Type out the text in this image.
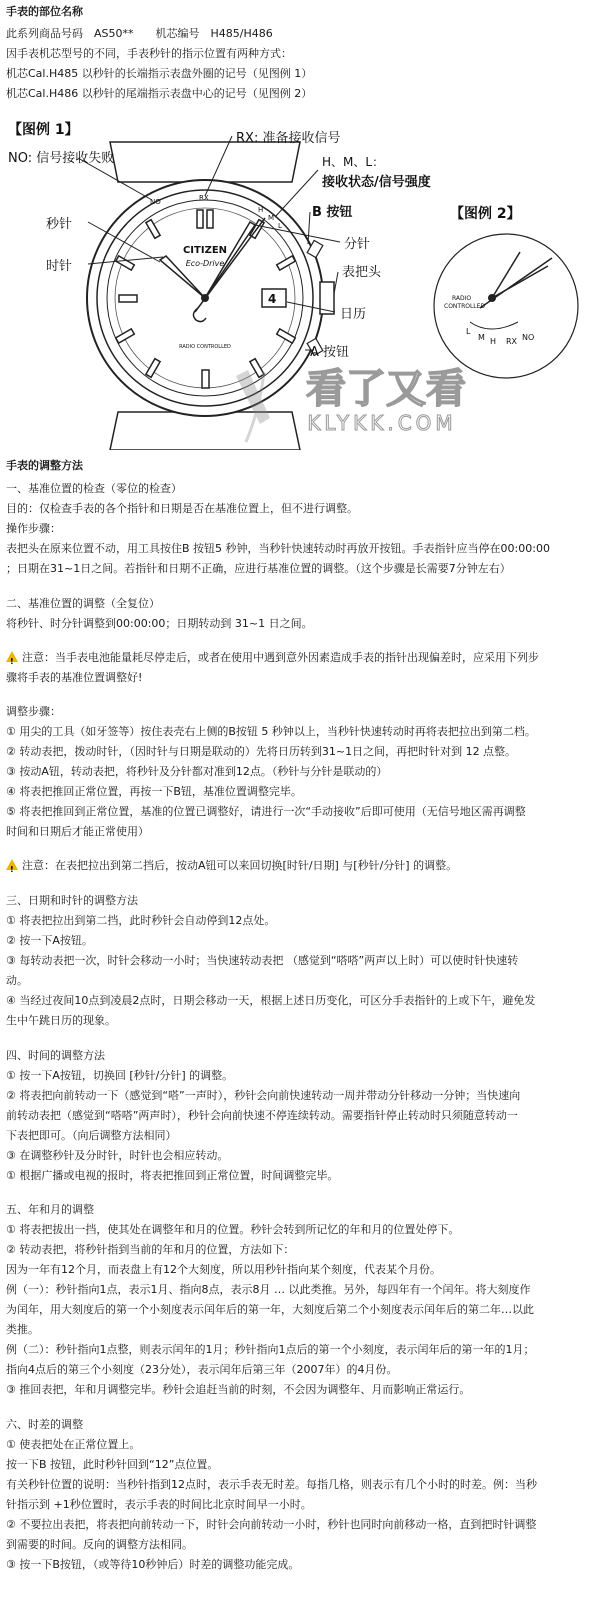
手表的部位名称
此系列商品号码　AS50**　　机芯编号　H485/H486
因手表机芯型号的不同，手表秒针的指示位置有两种方式：
机芯Cal.H485 以秒针的长端指示表盘外圈的记号（见图例 1）
机芯Cal.H486 以秒针的尾端指示表盘中心的记号（见图例 2）
【图例 1】
4
CITIZEN
Eco-Drive
RADIO CONTROLLED
NO	RX
H
M
L
RX: 准备接收信号
NO: 信号接收失败	H、M、L：
接收状态/信号强度
B 按钮
秒针
分针
时针	表把头
日历
A 按钮
【图例 2】
RADIO
CONTROLLED
L
M H RX NO
看了又看
KLYKK.COM
手表的调整方法
一、基准位置的检查（零位的检查）
目的：仅检查手表的各个指针和日期是否在基准位置上，但不进行调整。
操作步骤：
表把头在原来位置不动，用工具按住B 按钮5 秒钟，当秒针快速转动时再放开按钮。手表指针应当停在00:00:00
；日期在31~1日之间。若指针和日期不正确，应进行基准位置的调整。（这个步骤是长需要7分钟左右）
二、基准位置的调整（全复位）
将秒针、时分针调整到00:00:00；日期转动到 31~1 日之间。
!注意：当手表电池能量耗尽停走后，或者在使用中遇到意外因素造成手表的指针出现偏差时，应采用下列步
骤将手表的基准位置调整好!
调整步骤：
① 用尖的工具（如牙签等）按住表壳右上侧的B按钮 5 秒钟以上，当秒针快速转动时再将表把拉出到第二档。
② 转动表把，拨动时针，（因时针与日期是联动的）先将日历转到31~1日之间，再把时针对到 12 点整。
③ 按动A钮，转动表把，将秒针及分针都对准到12点。（秒针与分针是联动的）
④ 将表把推回正常位置，再按一下B钮，基准位置调整完毕。
⑤ 将表把推回到正常位置，基准的位置已调整好，请进行一次“手动接收”后即可使用（无信号地区需再调整
时间和日期后才能正常使用）
!注意：在表把拉出到第二挡后，按动A钮可以来回切换[时针/日期] 与[秒针/分针] 的调整。
三、日期和时针的调整方法
① 将表把拉出到第二挡，此时秒针会自动停到12点处。
② 按一下A按钮。
③ 每转动表把一次，时针会移动一小时；当快速转动表把 （感觉到“嗒嗒”两声以上时）可以使时针快速转
动。
④ 当经过夜间10点到凌晨2点时，日期会移动一天，根据上述日历变化，可区分手表指针的上或下午，避免发
生中午跳日历的现象。
四、时间的调整方法
① 按一下A按钮，切换回 [秒针/分针] 的调整。
② 将表把向前转动一下（感觉到“嗒”一声时），秒针会向前快速转动一周并带动分针移动一分钟；当快速向
前转动表把（感觉到“嗒嗒”两声时），秒针会向前快速不停连续转动。需要指针停止转动时只须随意转动一
下表把即可。（向后调整方法相同）
③ 在调整秒针及分时针，时针也会相应转动。
① 根据广播或电视的报时，将表把推回到正常位置，时间调整完毕。
五、年和月的调整
① 将表把拔出一挡，使其处在调整年和月的位置。秒针会转到所记忆的年和月的位置处停下。
② 转动表把，将秒针指到当前的年和月的位置，方法如下：
因为一年有12个月，而表盘上有12个大刻度，所以用秒针指向某个刻度，代表某个月份。
例（一）：秒针指向1点，表示1月、指向8点，表示8月 … 以此类推。另外，每四年有一个闰年。将大刻度作
为闰年，用大刻度后的第一个小刻度表示闰年后的第一年，大刻度后第二个小刻度表示闰年后的第二年…以此
类推。
例（二）：秒针指向1点整，则表示闰年的1月；秒针指向1点后的第一个小刻度，表示闰年后的第一年的1月；
指向4点后的第三个小刻度（23分处），表示闰年后第三年（2007年）的4月份。
③ 推回表把，年和月调整完毕。秒针会追赶当前的时刻，不会因为调整年、月而影响正常运行。
六、时差的调整
① 使表把处在正常位置上。
按一下B 按钮，此时秒针回到“12”点位置。
有关秒针位置的说明：当秒针指到12点时，表示手表无时差。每指几格，则表示有几个小时的时差。例：当秒
针指示到 +1秒位置时，表示手表的时间比北京时间早一小时。
② 不要拉出表把，将表把向前转动一下，时针会向前转动一小时，秒针也同时向前移动一格，直到把时针调整
到需要的时间。反向的调整方法相同。
③ 按一下B按钮，（或等待10秒钟后）时差的调整功能完成。
